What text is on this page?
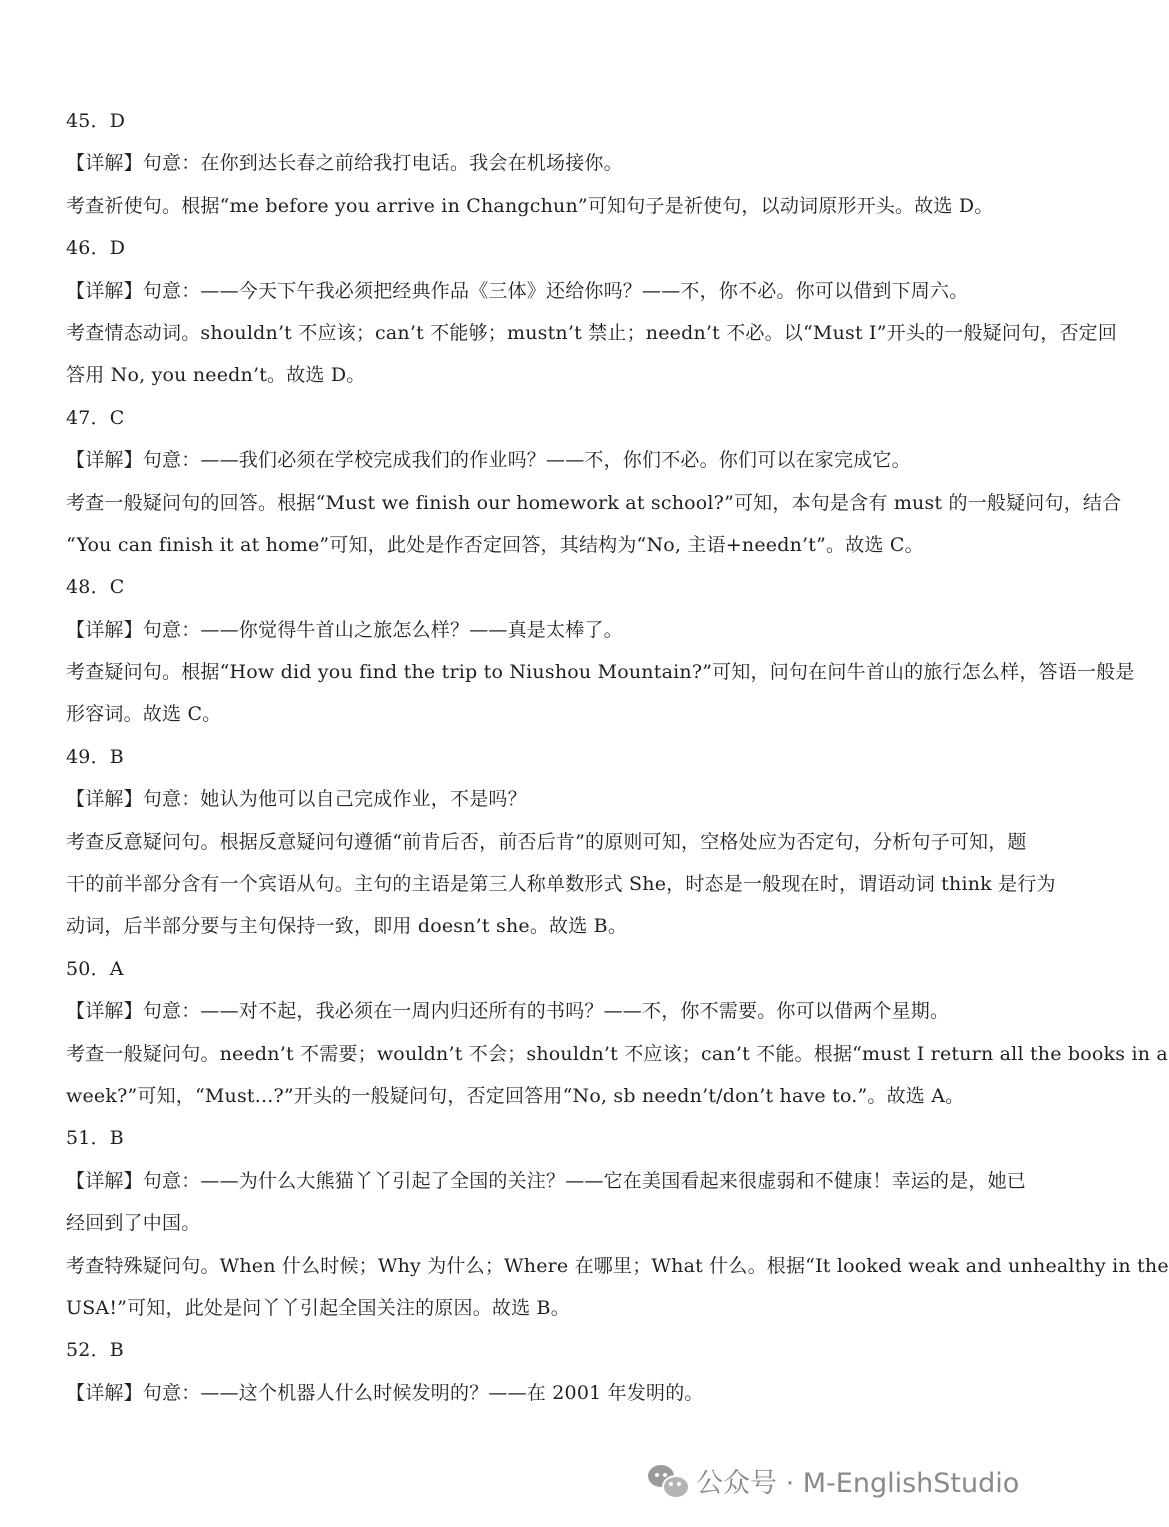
45．D
【详解】句意：在你到达长春之前给我打电话。我会在机场接你。
考查祈使句。根据“me before you arrive in Changchun”可知句子是祈使句，以动词原形开头。故选 D。
46．D
【详解】句意：——今天下午我必须把经典作品《三体》还给你吗？——不，你不必。你可以借到下周六。
考查情态动词。shouldn’t 不应该；can’t 不能够；mustn’t 禁止；needn’t 不必。以“Must I”开头的一般疑问句，否定回
答用 No, you needn’t。故选 D。
47．C
【详解】句意：——我们必须在学校完成我们的作业吗？——不，你们不必。你们可以在家完成它。
考查一般疑问句的回答。根据“Must we finish our homework at school?”可知，本句是含有 must 的一般疑问句，结合
“You can finish it at home”可知，此处是作否定回答，其结构为“No, 主语+needn’t”。故选 C。
48．C
【详解】句意：——你觉得牛首山之旅怎么样？——真是太棒了。
考查疑问句。根据“How did you find the trip to Niushou Mountain?”可知，问句在问牛首山的旅行怎么样，答语一般是
形容词。故选 C。
49．B
【详解】句意：她认为他可以自己完成作业，不是吗？
考查反意疑问句。根据反意疑问句遵循“前肯后否，前否后肯”的原则可知，空格处应为否定句，分析句子可知，题
干的前半部分含有一个宾语从句。主句的主语是第三人称单数形式 She，时态是一般现在时，谓语动词 think 是行为
动词，后半部分要与主句保持一致，即用 doesn’t she。故选 B。
50．A
【详解】句意：——对不起，我必须在一周内归还所有的书吗？——不，你不需要。你可以借两个星期。
考查一般疑问句。needn’t 不需要；wouldn’t 不会；shouldn’t 不应该；can’t 不能。根据“must I return all the books in a
week?”可知，“Must...?”开头的一般疑问句，否定回答用“No, sb needn’t/don’t have to.”。故选 A。
51．B
【详解】句意：——为什么大熊猫丫丫引起了全国的关注？——它在美国看起来很虚弱和不健康！幸运的是，她已
经回到了中国。
考查特殊疑问句。When 什么时候；Why 为什么；Where 在哪里；What 什么。根据“It looked weak and unhealthy in the
USA!”可知，此处是问丫丫引起全国关注的原因。故选 B。
52．B
【详解】句意：——这个机器人什么时候发明的？——在 2001 年发明的。
公众号 · M-EnglishStudio
